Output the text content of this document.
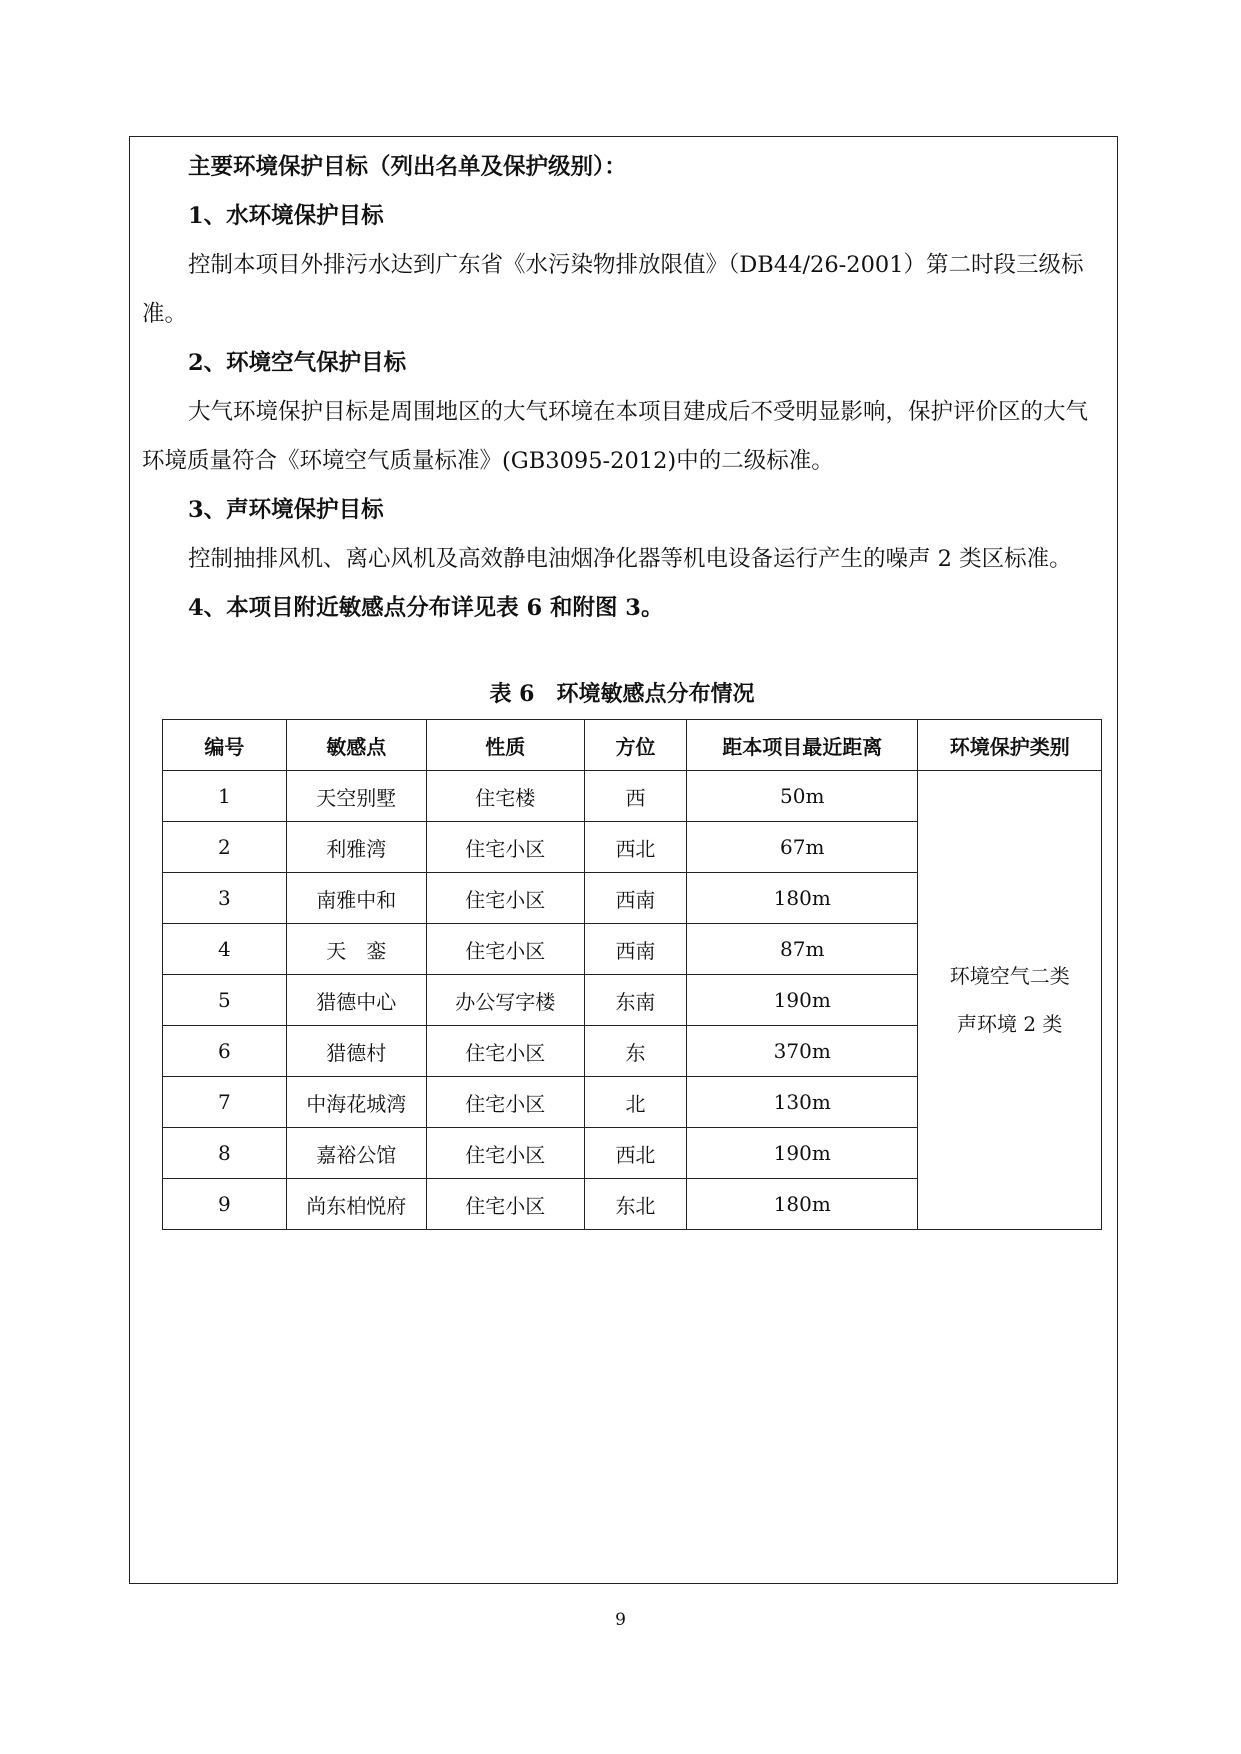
主要环境保护目标（列出名单及保护级别）：

1、水环境保护目标

控制本项目外排污水达到广东省《水污染物排放限值》（DB44/26-2001）第二时段三级标准。

2、环境空气保护目标

大气环境保护目标是周围地区的大气环境在本项目建成后不受明显影响，保护评价区的大气环境质量符合《环境空气质量标准》(GB3095-2012)中的二级标准。

3、声环境保护目标

控制抽排风机、离心风机及高效静电油烟净化器等机电设备运行产生的噪声 2 类区标准。

4、本项目附近敏感点分布详见表 6 和附图 3。

表 6　环境敏感点分布情况
编号	敏感点	性质	方位	距本项目最近距离	环境保护类别
1	天空别墅	住宅楼	西	50m	环境空气二类
声环境 2 类

2	利雅湾	住宅小区	西北	67m	
3	南雅中和	住宅小区	西南	180m	
4	天　銮	住宅小区	西南	87m	
5	猎德中心	办公写字楼	东南	190m	
6	猎德村	住宅小区	东	370m	
7	中海花城湾	住宅小区	北	130m	
8	嘉裕公馆	住宅小区	西北	190m	
9	尚东柏悦府	住宅小区	东北	180m	
9
